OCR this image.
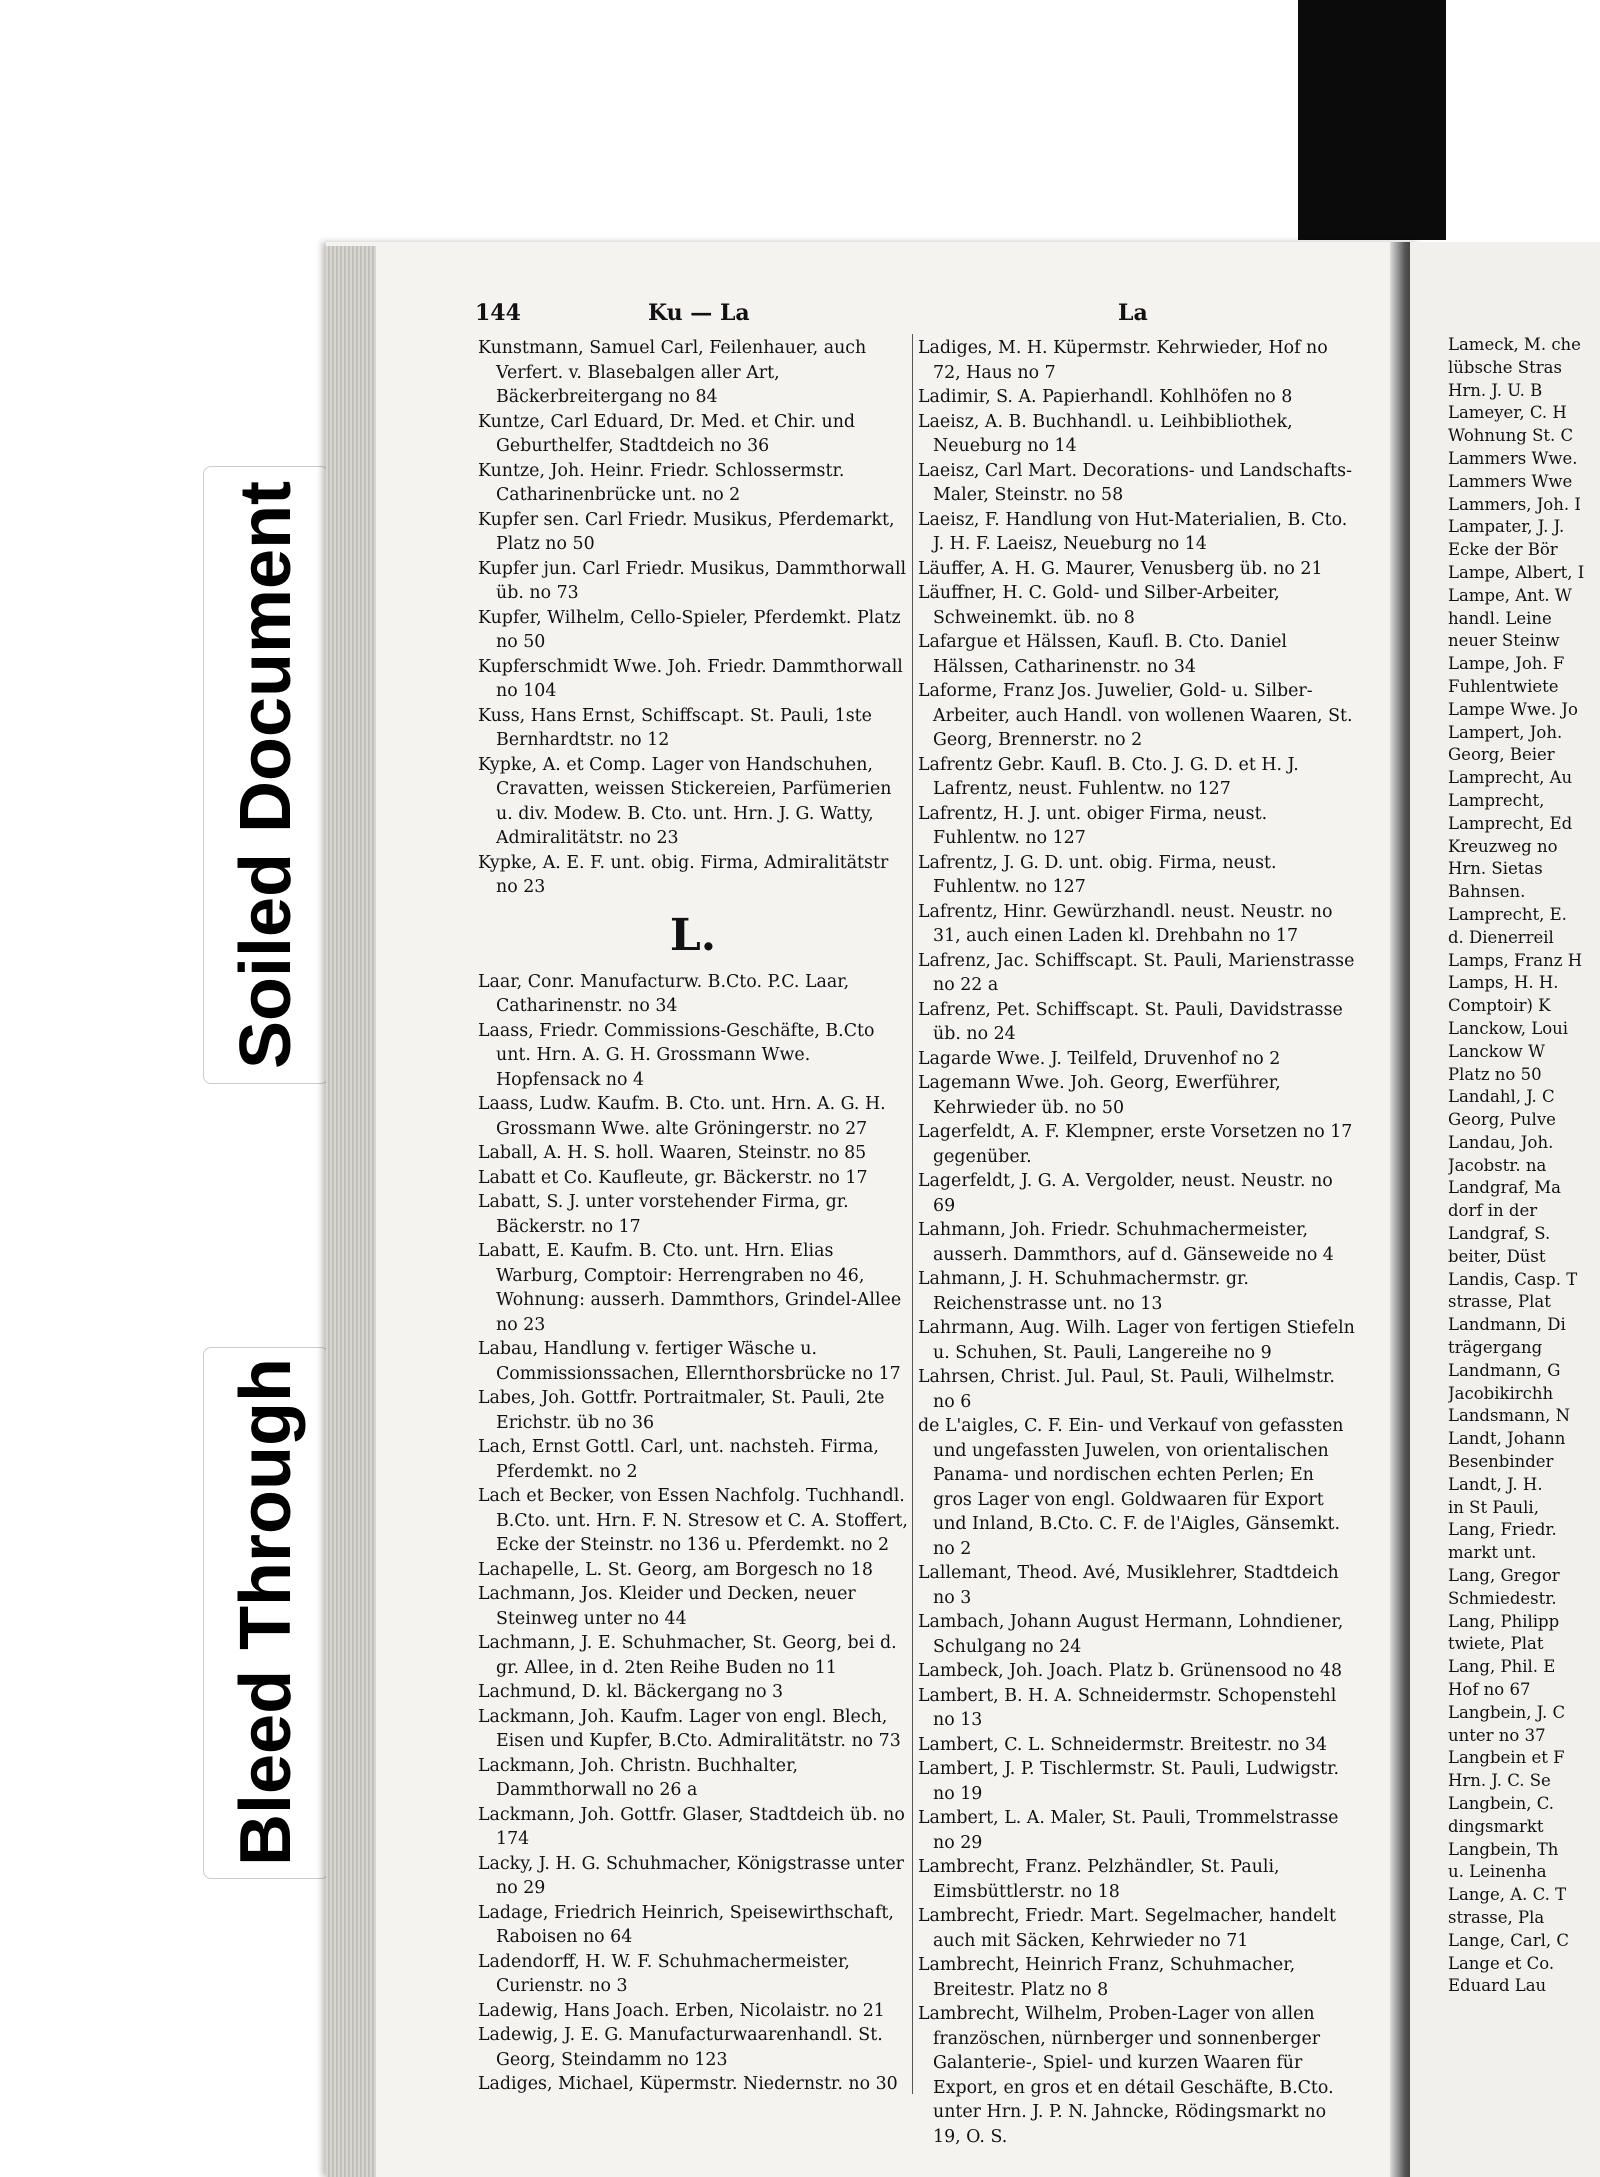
Soiled Document
Bleed Through
144	Ku — La	La
Kunstmann, Samuel Carl, Feilenhauer, auch Verfert. v. Blasebalgen aller Art, Bäckerbreitergang no 84
Kuntze, Carl Eduard, Dr. Med. et Chir. und Geburthelfer, Stadtdeich no 36
Kuntze, Joh. Heinr. Friedr. Schlossermstr. Catharinenbrücke unt. no 2
Kupfer sen. Carl Friedr. Musikus, Pferdemarkt, Platz no 50
Kupfer jun. Carl Friedr. Musikus, Dammthorwall üb. no 73
Kupfer, Wilhelm, Cello-Spieler, Pferdemkt. Platz no 50
Kupferschmidt Wwe. Joh. Friedr. Dammthorwall no 104
Kuss, Hans Ernst, Schiffscapt. St. Pauli, 1ste Bernhardtstr. no 12
Kypke, A. et Comp. Lager von Handschuhen, Cravatten, weissen Stickereien, Parfümerien u. div. Modew. B. Cto. unt. Hrn. J. G. Watty, Admiralitätstr. no 23
Kypke, A. E. F. unt. obig. Firma, Admiralitätstr no 23
L.
Laar, Conr. Manufacturw. B.Cto. P.C. Laar, Catharinenstr. no 34
Laass, Friedr. Commissions-Geschäfte, B.Cto unt. Hrn. A. G. H. Grossmann Wwe. Hopfensack no 4
Laass, Ludw. Kaufm. B. Cto. unt. Hrn. A. G. H. Grossmann Wwe. alte Gröningerstr. no 27
Laball, A. H. S. holl. Waaren, Steinstr. no 85
Labatt et Co. Kaufleute, gr. Bäckerstr. no 17
Labatt, S. J. unter vorstehender Firma, gr. Bäckerstr. no 17
Labatt, E. Kaufm. B. Cto. unt. Hrn. Elias Warburg, Comptoir: Herrengraben no 46, Wohnung: ausserh. Dammthors, Grindel-Allee no 23
Labau, Handlung v. fertiger Wäsche u. Commissionssachen, Ellernthorsbrücke no 17
Labes, Joh. Gottfr. Portraitmaler, St. Pauli, 2te Erichstr. üb no 36
Lach, Ernst Gottl. Carl, unt. nachsteh. Firma, Pferdemkt. no 2
Lach et Becker, von Essen Nachfolg. Tuchhandl. B.Cto. unt. Hrn. F. N. Stresow et C. A. Stoffert, Ecke der Steinstr. no 136 u. Pferdemkt. no 2
Lachapelle, L. St. Georg, am Borgesch no 18
Lachmann, Jos. Kleider und Decken, neuer Steinweg unter no 44
Lachmann, J. E. Schuhmacher, St. Georg, bei d. gr. Allee, in d. 2ten Reihe Buden no 11
Lachmund, D. kl. Bäckergang no 3
Lackmann, Joh. Kaufm. Lager von engl. Blech, Eisen und Kupfer, B.Cto. Admiralitätstr. no 73
Lackmann, Joh. Christn. Buchhalter, Dammthorwall no 26 a
Lackmann, Joh. Gottfr. Glaser, Stadtdeich üb. no 174
Lacky, J. H. G. Schuhmacher, Königstrasse unter no 29
Ladage, Friedrich Heinrich, Speisewirthschaft, Raboisen no 64
Ladendorff, H. W. F. Schuhmachermeister, Curienstr. no 3
Ladewig, Hans Joach. Erben, Nicolaistr. no 21
Ladewig, J. E. G. Manufacturwaarenhandl. St. Georg, Steindamm no 123
Ladiges, Michael, Küpermstr. Niedernstr. no 30
Ladiges, M. H. Küpermstr. Kehrwieder, Hof no 72, Haus no 7
Ladimir, S. A. Papierhandl. Kohlhöfen no 8
Laeisz, A. B. Buchhandl. u. Leihbibliothek, Neueburg no 14
Laeisz, Carl Mart. Decorations- und Landschafts-Maler, Steinstr. no 58
Laeisz, F. Handlung von Hut-Materialien, B. Cto. J. H. F. Laeisz, Neueburg no 14
Läuffer, A. H. G. Maurer, Venusberg üb. no 21
Läuffner, H. C. Gold- und Silber-Arbeiter, Schweinemkt. üb. no 8
Lafargue et Hälssen, Kaufl. B. Cto. Daniel Hälssen, Catharinenstr. no 34
Laforme, Franz Jos. Juwelier, Gold- u. Silber-Arbeiter, auch Handl. von wollenen Waaren, St. Georg, Brennerstr. no 2
Lafrentz Gebr. Kaufl. B. Cto. J. G. D. et H. J. Lafrentz, neust. Fuhlentw. no 127
Lafrentz, H. J. unt. obiger Firma, neust. Fuhlentw. no 127
Lafrentz, J. G. D. unt. obig. Firma, neust. Fuhlentw. no 127
Lafrentz, Hinr. Gewürzhandl. neust. Neustr. no 31, auch einen Laden kl. Drehbahn no 17
Lafrenz, Jac. Schiffscapt. St. Pauli, Marienstrasse no 22 a
Lafrenz, Pet. Schiffscapt. St. Pauli, Davidstrasse üb. no 24
Lagarde Wwe. J. Teilfeld, Druvenhof no 2
Lagemann Wwe. Joh. Georg, Ewerführer, Kehrwieder üb. no 50
Lagerfeldt, A. F. Klempner, erste Vorsetzen no 17 gegenüber.
Lagerfeldt, J. G. A. Vergolder, neust. Neustr. no 69
Lahmann, Joh. Friedr. Schuhmachermeister, ausserh. Dammthors, auf d. Gänseweide no 4
Lahmann, J. H. Schuhmachermstr. gr. Reichenstrasse unt. no 13
Lahrmann, Aug. Wilh. Lager von fertigen Stiefeln u. Schuhen, St. Pauli, Langereihe no 9
Lahrsen, Christ. Jul. Paul, St. Pauli, Wilhelmstr. no 6
de L'aigles, C. F. Ein- und Verkauf von gefassten und ungefassten Juwelen, von orientalischen Panama- und nordischen echten Perlen; En gros Lager von engl. Goldwaaren für Export und Inland, B.Cto. C. F. de l'Aigles, Gänsemkt. no 2
Lallemant, Theod. Avé, Musiklehrer, Stadtdeich no 3
Lambach, Johann August Hermann, Lohndiener, Schulgang no 24
Lambeck, Joh. Joach. Platz b. Grünensood no 48
Lambert, B. H. A. Schneidermstr. Schopenstehl no 13
Lambert, C. L. Schneidermstr. Breitestr. no 34
Lambert, J. P. Tischlermstr. St. Pauli, Ludwigstr. no 19
Lambert, L. A. Maler, St. Pauli, Trommelstrasse no 29
Lambrecht, Franz. Pelzhändler, St. Pauli, Eimsbüttlerstr. no 18
Lambrecht, Friedr. Mart. Segelmacher, handelt auch mit Säcken, Kehrwieder no 71
Lambrecht, Heinrich Franz, Schuhmacher, Breitestr. Platz no 8
Lambrecht, Wilhelm, Proben-Lager von allen französchen, nürnberger und sonnenberger Galanterie-, Spiel- und kurzen Waaren für Export, en gros et en détail Geschäfte, B.Cto. unter Hrn. J. P. N. Jahncke, Rödingsmarkt no 19, O. S.
Lameck, M. che
lübsche Stras
Hrn. J. U. B
Lameyer, C. H
Wohnung St. C
Lammers Wwe.
Lammers Wwe
Lammers, Joh. I
Lampater, J. J.
Ecke der Bör
Lampe, Albert, I
Lampe, Ant. W
handl. Leine
neuer Steinw
Lampe, Joh. F
Fuhlentwiete
Lampe Wwe. Jo
Lampert, Joh.
Georg, Beier
Lamprecht, Au
Lamprecht,
Lamprecht, Ed
Kreuzweg no
Hrn. Sietas
Bahnsen.
Lamprecht, E.
d. Dienerreil
Lamps, Franz H
Lamps, H. H.
Comptoir) K
Lanckow, Loui
Lanckow W
Platz no 50
Landahl, J. C
Georg, Pulve
Landau, Joh.
Jacobstr. na
Landgraf, Ma
dorf in der
Landgraf, S.
beiter, Düst
Landis, Casp. T
strasse, Plat
Landmann, Di
trägergang
Landmann, G
Jacobikirchh
Landsmann, N
Landt, Johann
Besenbinder
Landt, J. H.
in St Pauli,
Lang, Friedr.
markt unt.
Lang, Gregor
Schmiedestr.
Lang, Philipp
twiete, Plat
Lang, Phil. E
Hof no 67
Langbein, J. C
unter no 37
Langbein et F
Hrn. J. C. Se
Langbein, C.
dingsmarkt
Langbein, Th
u. Leinenha
Lange, A. C. T
strasse, Pla
Lange, Carl, C
Lange et Co.
Eduard Lau
